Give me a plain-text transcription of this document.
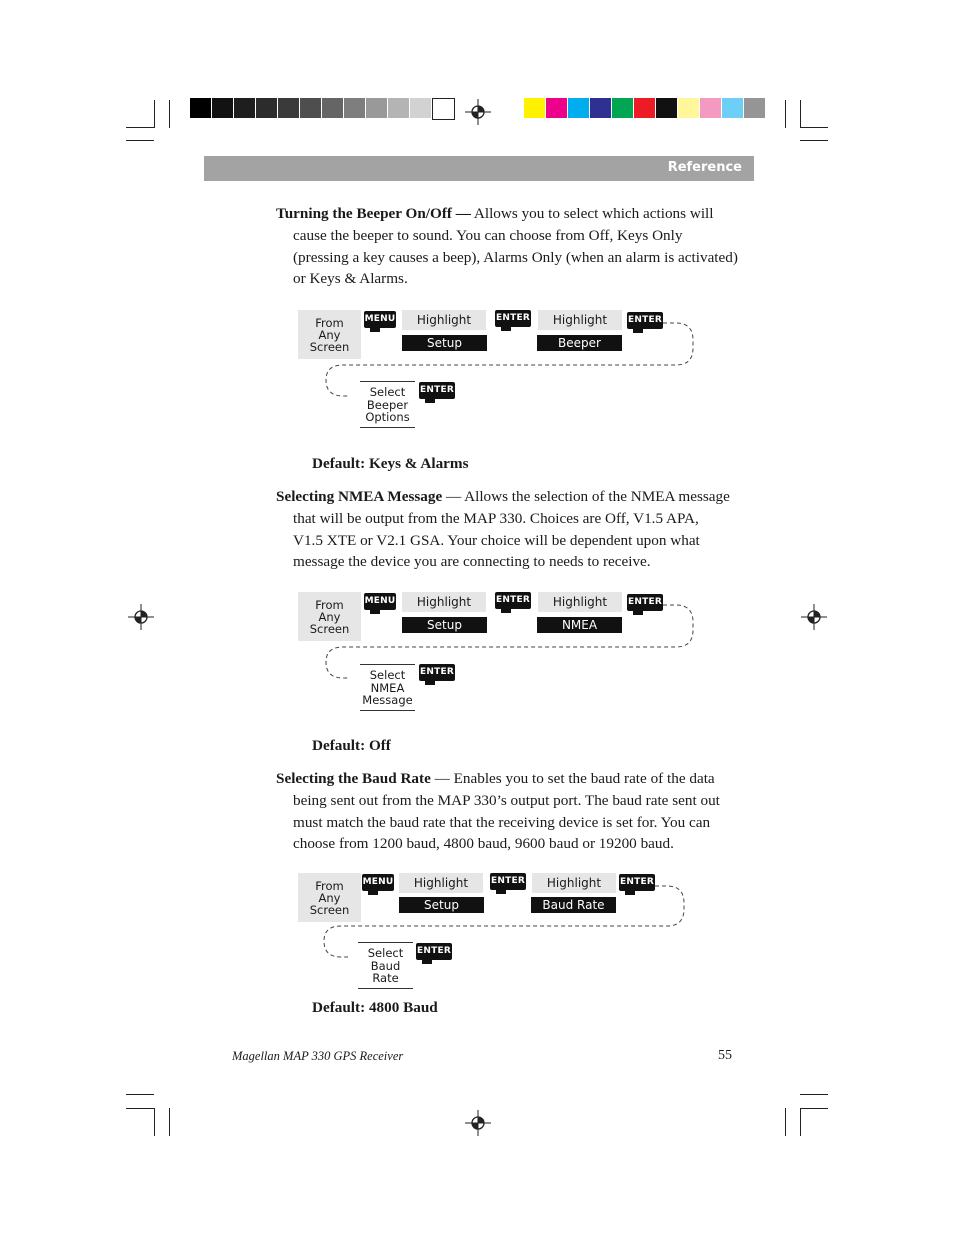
Reference
Turning the Beeper On/Off — Allows you to select which actions will
cause the beeper to sound. You can choose from Off, Keys Only
(pressing a key causes a beep), Alarms Only (when an alarm is activated)
or Keys & Alarms.
From
Any
Screen
MENU	Highlight
Setup
ENTER	Highlight
Beeper
ENTER
Select
Beeper
Options
ENTER
Default: Keys & Alarms
Selecting NMEA Message — Allows the selection of the NMEA message
that will be output from the MAP 330. Choices are Off, V1.5 APA,
V1.5 XTE or V2.1 GSA. Your choice will be dependent upon what
message the device you are connecting to needs to receive.
From
Any
Screen
MENU	Highlight
Setup
ENTER	Highlight
NMEA
ENTER
Select
NMEA
Message
ENTER
Default: Off
Selecting the Baud Rate — Enables you to set the baud rate of the data
being sent out from the MAP 330’s output port. The baud rate sent out
must match the baud rate that the receiving device is set for. You can
choose from 1200 baud, 4800 baud, 9600 baud or 19200 baud.
From
Any
Screen
MENU	Highlight
Setup
ENTER	Highlight
Baud Rate
ENTER
Select
Baud
Rate
ENTER
Default: 4800 Baud
Magellan MAP 330 GPS Receiver	55
